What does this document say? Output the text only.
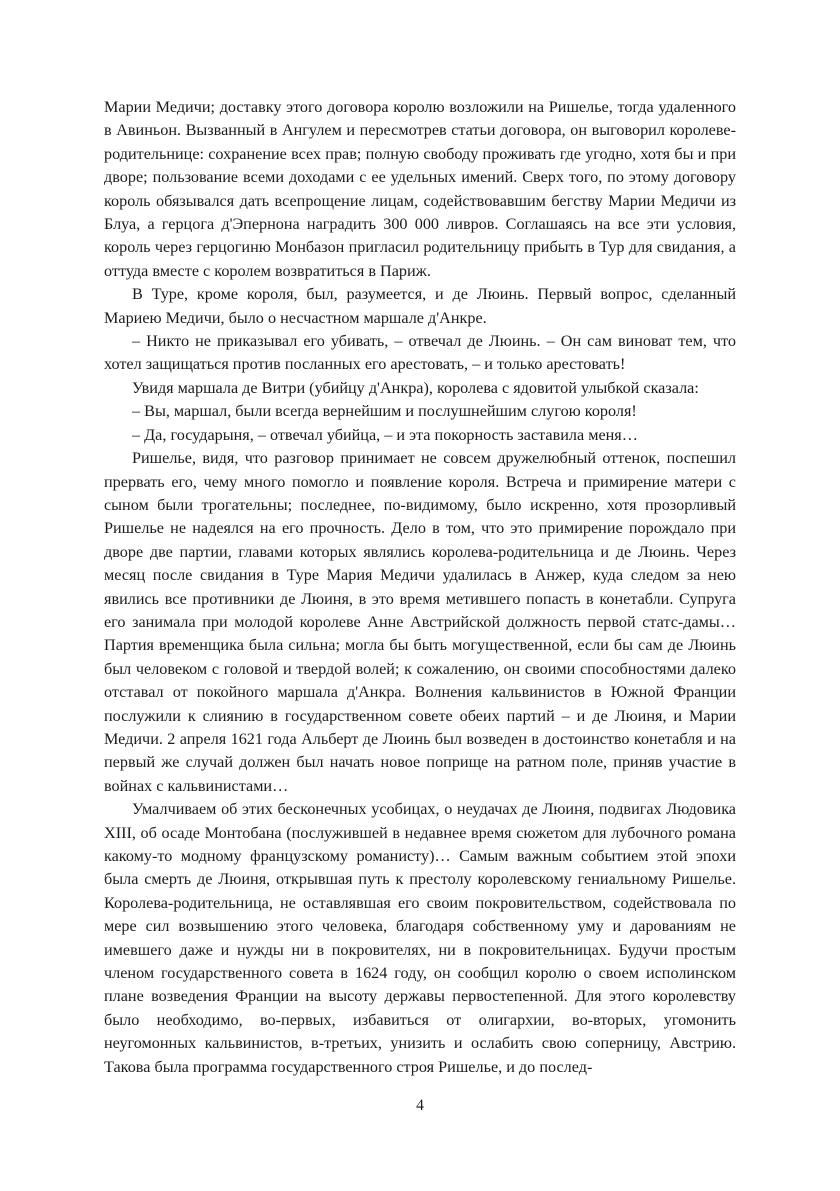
Марии Медичи; доставку этого договора королю возложили на Ришелье, тогда удаленного в Авиньон. Вызванный в Ангулем и пересмотрев статьи договора, он выговорил королеве-родительнице: сохранение всех прав; полную свободу проживать где угодно, хотя бы и при дворе; пользование всеми доходами с ее удельных имений. Сверх того, по этому договору король обязывался дать всепрощение лицам, содействовавшим бегству Марии Медичи из Блуа, а герцога д'Эпернона наградить 300 000 ливров. Соглашаясь на все эти условия, король через герцогиню Монбазон пригласил родительницу прибыть в Тур для свидания, а оттуда вместе с королем возвратиться в Париж.

В Туре, кроме короля, был, разумеется, и де Люинь. Первый вопрос, сделанный Мариею Медичи, было о несчастном маршале д'Анкре.

– Никто не приказывал его убивать, – отвечал де Люинь. – Он сам виноват тем, что хотел защищаться против посланных его арестовать, – и только арестовать!

Увидя маршала де Витри (убийцу д'Анкра), королева с ядовитой улыбкой сказала:

– Вы, маршал, были всегда вернейшим и послушнейшим слугою короля!

– Да, государыня, – отвечал убийца, – и эта покорность заставила меня…

Ришелье, видя, что разговор принимает не совсем дружелюбный оттенок, поспешил прервать его, чему много помогло и появление короля. Встреча и примирение матери с сыном были трогательны; последнее, по-видимому, было искренно, хотя прозорливый Ришелье не надеялся на его прочность. Дело в том, что это примирение порождало при дворе две партии, главами которых являлись королева-родительница и де Люинь. Через месяц после свидания в Туре Мария Медичи удалилась в Анжер, куда следом за нею явились все противники де Люиня, в это время метившего попасть в конетабли. Супруга его занимала при молодой королеве Анне Австрийской должность первой статс-дамы… Партия временщика была сильна; могла бы быть могущественной, если бы сам де Люинь был человеком с головой и твердой волей; к сожалению, он своими способностями далеко отставал от покойного маршала д'Анкра. Волнения кальвинистов в Южной Франции послужили к слиянию в государственном совете обеих партий – и де Люиня, и Марии Медичи. 2 апреля 1621 года Альберт де Люинь был возведен в достоинство конетабля и на первый же случай должен был начать новое поприще на ратном поле, приняв участие в войнах с кальвинистами…

Умалчиваем об этих бесконечных усобицах, о неудачах де Люиня, подвигах Людовика XIII, об осаде Монтобана (послужившей в недавнее время сюжетом для лубочного романа какому-то модному французскому романисту)… Самым важным событием этой эпохи была смерть де Люиня, открывшая путь к престолу королевскому гениальному Ришелье. Королева-родительница, не оставлявшая его своим покровительством, содействовала по мере сил возвышению этого человека, благодаря собственному уму и дарованиям не имевшего даже и нужды ни в покровителях, ни в покровительницах. Будучи простым членом государственного совета в 1624 году, он сообщил королю о своем исполинском плане возведения Франции на высоту державы первостепенной. Для этого королевству было необходимо, во-первых, избавиться от олигархии, во-вторых, угомонить неугомонных кальвинистов, в-третьих, унизить и ослабить свою соперницу, Австрию. Такова была программа государственного строя Ришелье, и до послед-

4
